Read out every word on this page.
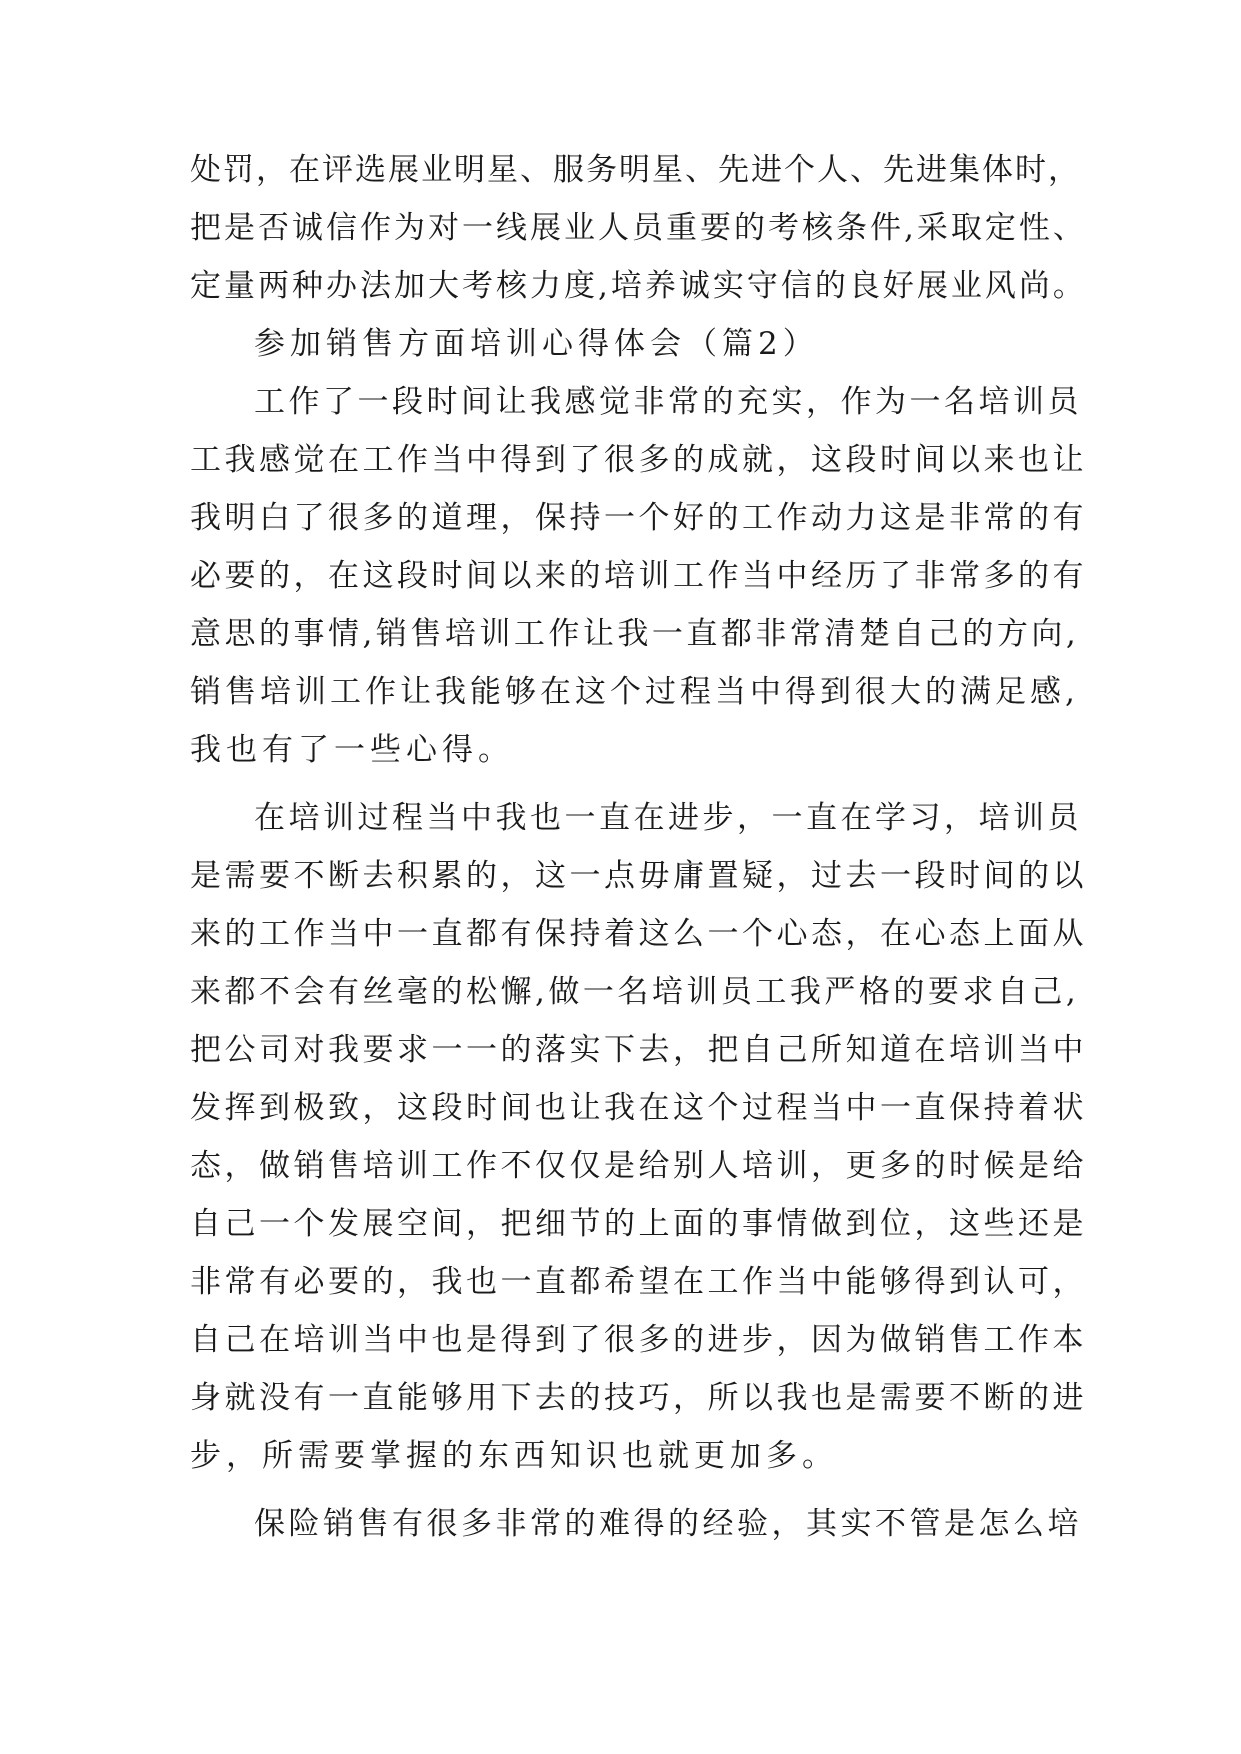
处罚，在评选展业明星、服务明星、先进个人、先进集体时，
把是否诚信作为对一线展业人员重要的考核条件,采取定性、
定量两种办法加大考核力度,培养诚实守信的良好展业风尚。
参加销售方面培训心得体会（篇2）
工作了一段时间让我感觉非常的充实，作为一名培训员
工我感觉在工作当中得到了很多的成就，这段时间以来也让
我明白了很多的道理，保持一个好的工作动力这是非常的有
必要的，在这段时间以来的培训工作当中经历了非常多的有
意思的事情,销售培训工作让我一直都非常清楚自己的方向,
销售培训工作让我能够在这个过程当中得到很大的满足感,
我也有了一些心得。
在培训过程当中我也一直在进步，一直在学习，培训员
是需要不断去积累的，这一点毋庸置疑，过去一段时间的以
来的工作当中一直都有保持着这么一个心态，在心态上面从
来都不会有丝毫的松懈,做一名培训员工我严格的要求自己,
把公司对我要求一一的落实下去，把自己所知道在培训当中
发挥到极致，这段时间也让我在这个过程当中一直保持着状
态，做销售培训工作不仅仅是给别人培训，更多的时候是给
自己一个发展空间，把细节的上面的事情做到位，这些还是
非常有必要的，我也一直都希望在工作当中能够得到认可，
自己在培训当中也是得到了很多的进步，因为做销售工作本
身就没有一直能够用下去的技巧，所以我也是需要不断的进
步，所需要掌握的东西知识也就更加多。
保险销售有很多非常的难得的经验，其实不管是怎么培
